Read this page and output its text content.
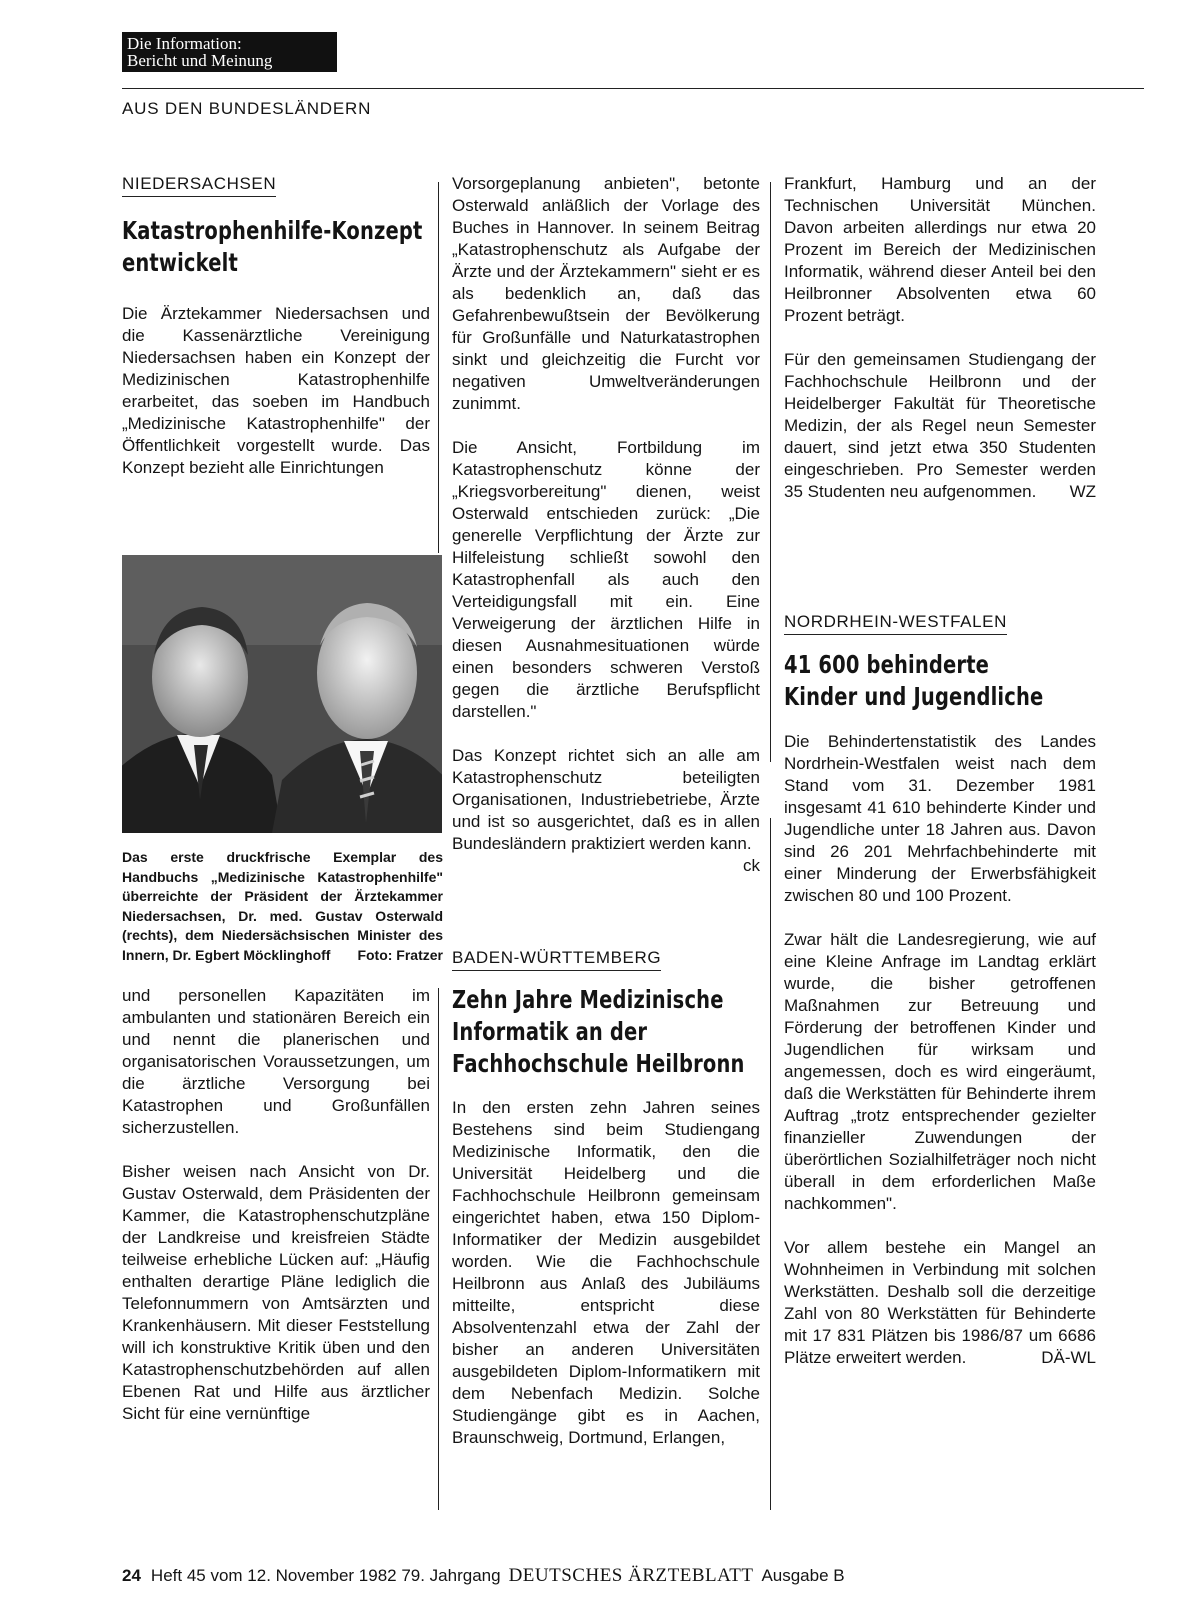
Die Information:
Bericht und Meinung
AUS DEN BUNDESLÄNDERN
NIEDERSACHSEN
Katastrophenhilfe-Konzept
entwickelt

Die Ärztekammer Niedersachsen und die Kassenärztliche Vereinigung Niedersachsen haben ein Konzept der Medizinischen Katastrophenhilfe erarbeitet, das soeben im Handbuch „Medizinische Katastrophenhilfe" der Öffentlichkeit vorgestellt wurde. Das Konzept bezieht alle Einrichtungen

Das erste druckfrische Exemplar des Handbuchs „Medizinische Katastrophenhilfe" überreichte der Präsident der Ärztekammer Niedersachsen, Dr. med. Gustav Osterwald (rechts), dem Niedersächsischen Minister des Innern, Dr. Egbert Möcklinghoff Foto: Fratzer

und personellen Kapazitäten im ambulanten und stationären Bereich ein und nennt die planerischen und organisatorischen Voraussetzungen, um die ärztliche Versorgung bei Katastrophen und Großunfällen sicherzustellen.

Bisher weisen nach Ansicht von Dr. Gustav Osterwald, dem Präsidenten der Kammer, die Katastrophenschutzpläne der Landkreise und kreisfreien Städte teilweise erhebliche Lücken auf: „Häufig enthalten derartige Pläne lediglich die Telefonnummern von Amtsärzten und Krankenhäusern. Mit dieser Feststellung will ich konstruktive Kritik üben und den Katastrophenschutzbehörden auf allen Ebenen Rat und Hilfe aus ärztlicher Sicht für eine vernünftige

Vorsorgeplanung anbieten", betonte Osterwald anläßlich der Vorlage des Buches in Hannover. In seinem Beitrag „Katastrophenschutz als Aufgabe der Ärzte und der Ärztekammern" sieht er es als bedenklich an, daß das Gefahrenbewußtsein der Bevölkerung für Großunfälle und Naturkatastrophen sinkt und gleichzeitig die Furcht vor negativen Umweltveränderungen zunimmt.

Die Ansicht, Fortbildung im Katastrophenschutz könne der „Kriegsvorbereitung" dienen, weist Osterwald entschieden zurück: „Die generelle Verpflichtung der Ärzte zur Hilfeleistung schließt sowohl den Katastrophenfall als auch den Verteidigungsfall mit ein. Eine Verweigerung der ärztlichen Hilfe in diesen Ausnahmesituationen würde einen besonders schweren Verstoß gegen die ärztliche Berufspflicht darstellen."

Das Konzept richtet sich an alle am Katastrophenschutz beteiligten Organisationen, Industriebetriebe, Ärzte und ist so ausgerichtet, daß es in allen Bundesländern praktiziert werden kann.
ck

BADEN-WÜRTTEMBERG
Zehn Jahre Medizinische
Informatik an der
Fachhochschule Heilbronn

In den ersten zehn Jahren seines Bestehens sind beim Studiengang Medizinische Informatik, den die Universität Heidelberg und die Fachhochschule Heilbronn gemeinsam eingerichtet haben, etwa 150 Diplom-Informatiker der Medizin ausgebildet worden. Wie die Fachhochschule Heilbronn aus Anlaß des Jubiläums mitteilte, entspricht diese Absolventenzahl etwa der Zahl der bisher an anderen Universitäten ausgebildeten Diplom-Informatikern mit dem Nebenfach Medizin. Solche Studiengänge gibt es in Aachen, Braunschweig, Dortmund, Erlangen,

Frankfurt, Hamburg und an der Technischen Universität München. Davon arbeiten allerdings nur etwa 20 Prozent im Bereich der Medizinischen Informatik, während dieser Anteil bei den Heilbronner Absolventen etwa 60 Prozent beträgt.

Für den gemeinsamen Studiengang der Fachhochschule Heilbronn und der Heidelberger Fakultät für Theoretische Medizin, der als Regel neun Semester dauert, sind jetzt etwa 350 Studenten eingeschrieben. Pro Semester werden 35 Studenten neu aufgenommen. WZ

NORDRHEIN-WESTFALEN
41 600 behinderte
Kinder und Jugendliche

Die Behindertenstatistik des Landes Nordrhein-Westfalen weist nach dem Stand vom 31. Dezember 1981 insgesamt 41 610 behinderte Kinder und Jugendliche unter 18 Jahren aus. Davon sind 26 201 Mehrfachbehinderte mit einer Minderung der Erwerbsfähigkeit zwischen 80 und 100 Prozent.

Zwar hält die Landesregierung, wie auf eine Kleine Anfrage im Landtag erklärt wurde, die bisher getroffenen Maßnahmen zur Betreuung und Förderung der betroffenen Kinder und Jugendlichen für wirksam und angemessen, doch es wird eingeräumt, daß die Werkstätten für Behinderte ihrem Auftrag „trotz entsprechender gezielter finanzieller Zuwendungen der überörtlichen Sozialhilfeträger noch nicht überall in dem erforderlichen Maße nachkommen".

Vor allem bestehe ein Mangel an Wohnheimen in Verbindung mit solchen Werkstätten. Deshalb soll die derzeitige Zahl von 80 Werkstätten für Behinderte mit 17 831 Plätzen bis 1986/87 um 6686 Plätze erweitert werden.	DÄ-WL

24 Heft 45 vom 12. November 1982 79. Jahrgang DEUTSCHES ÄRZTEBLATT Ausgabe B
